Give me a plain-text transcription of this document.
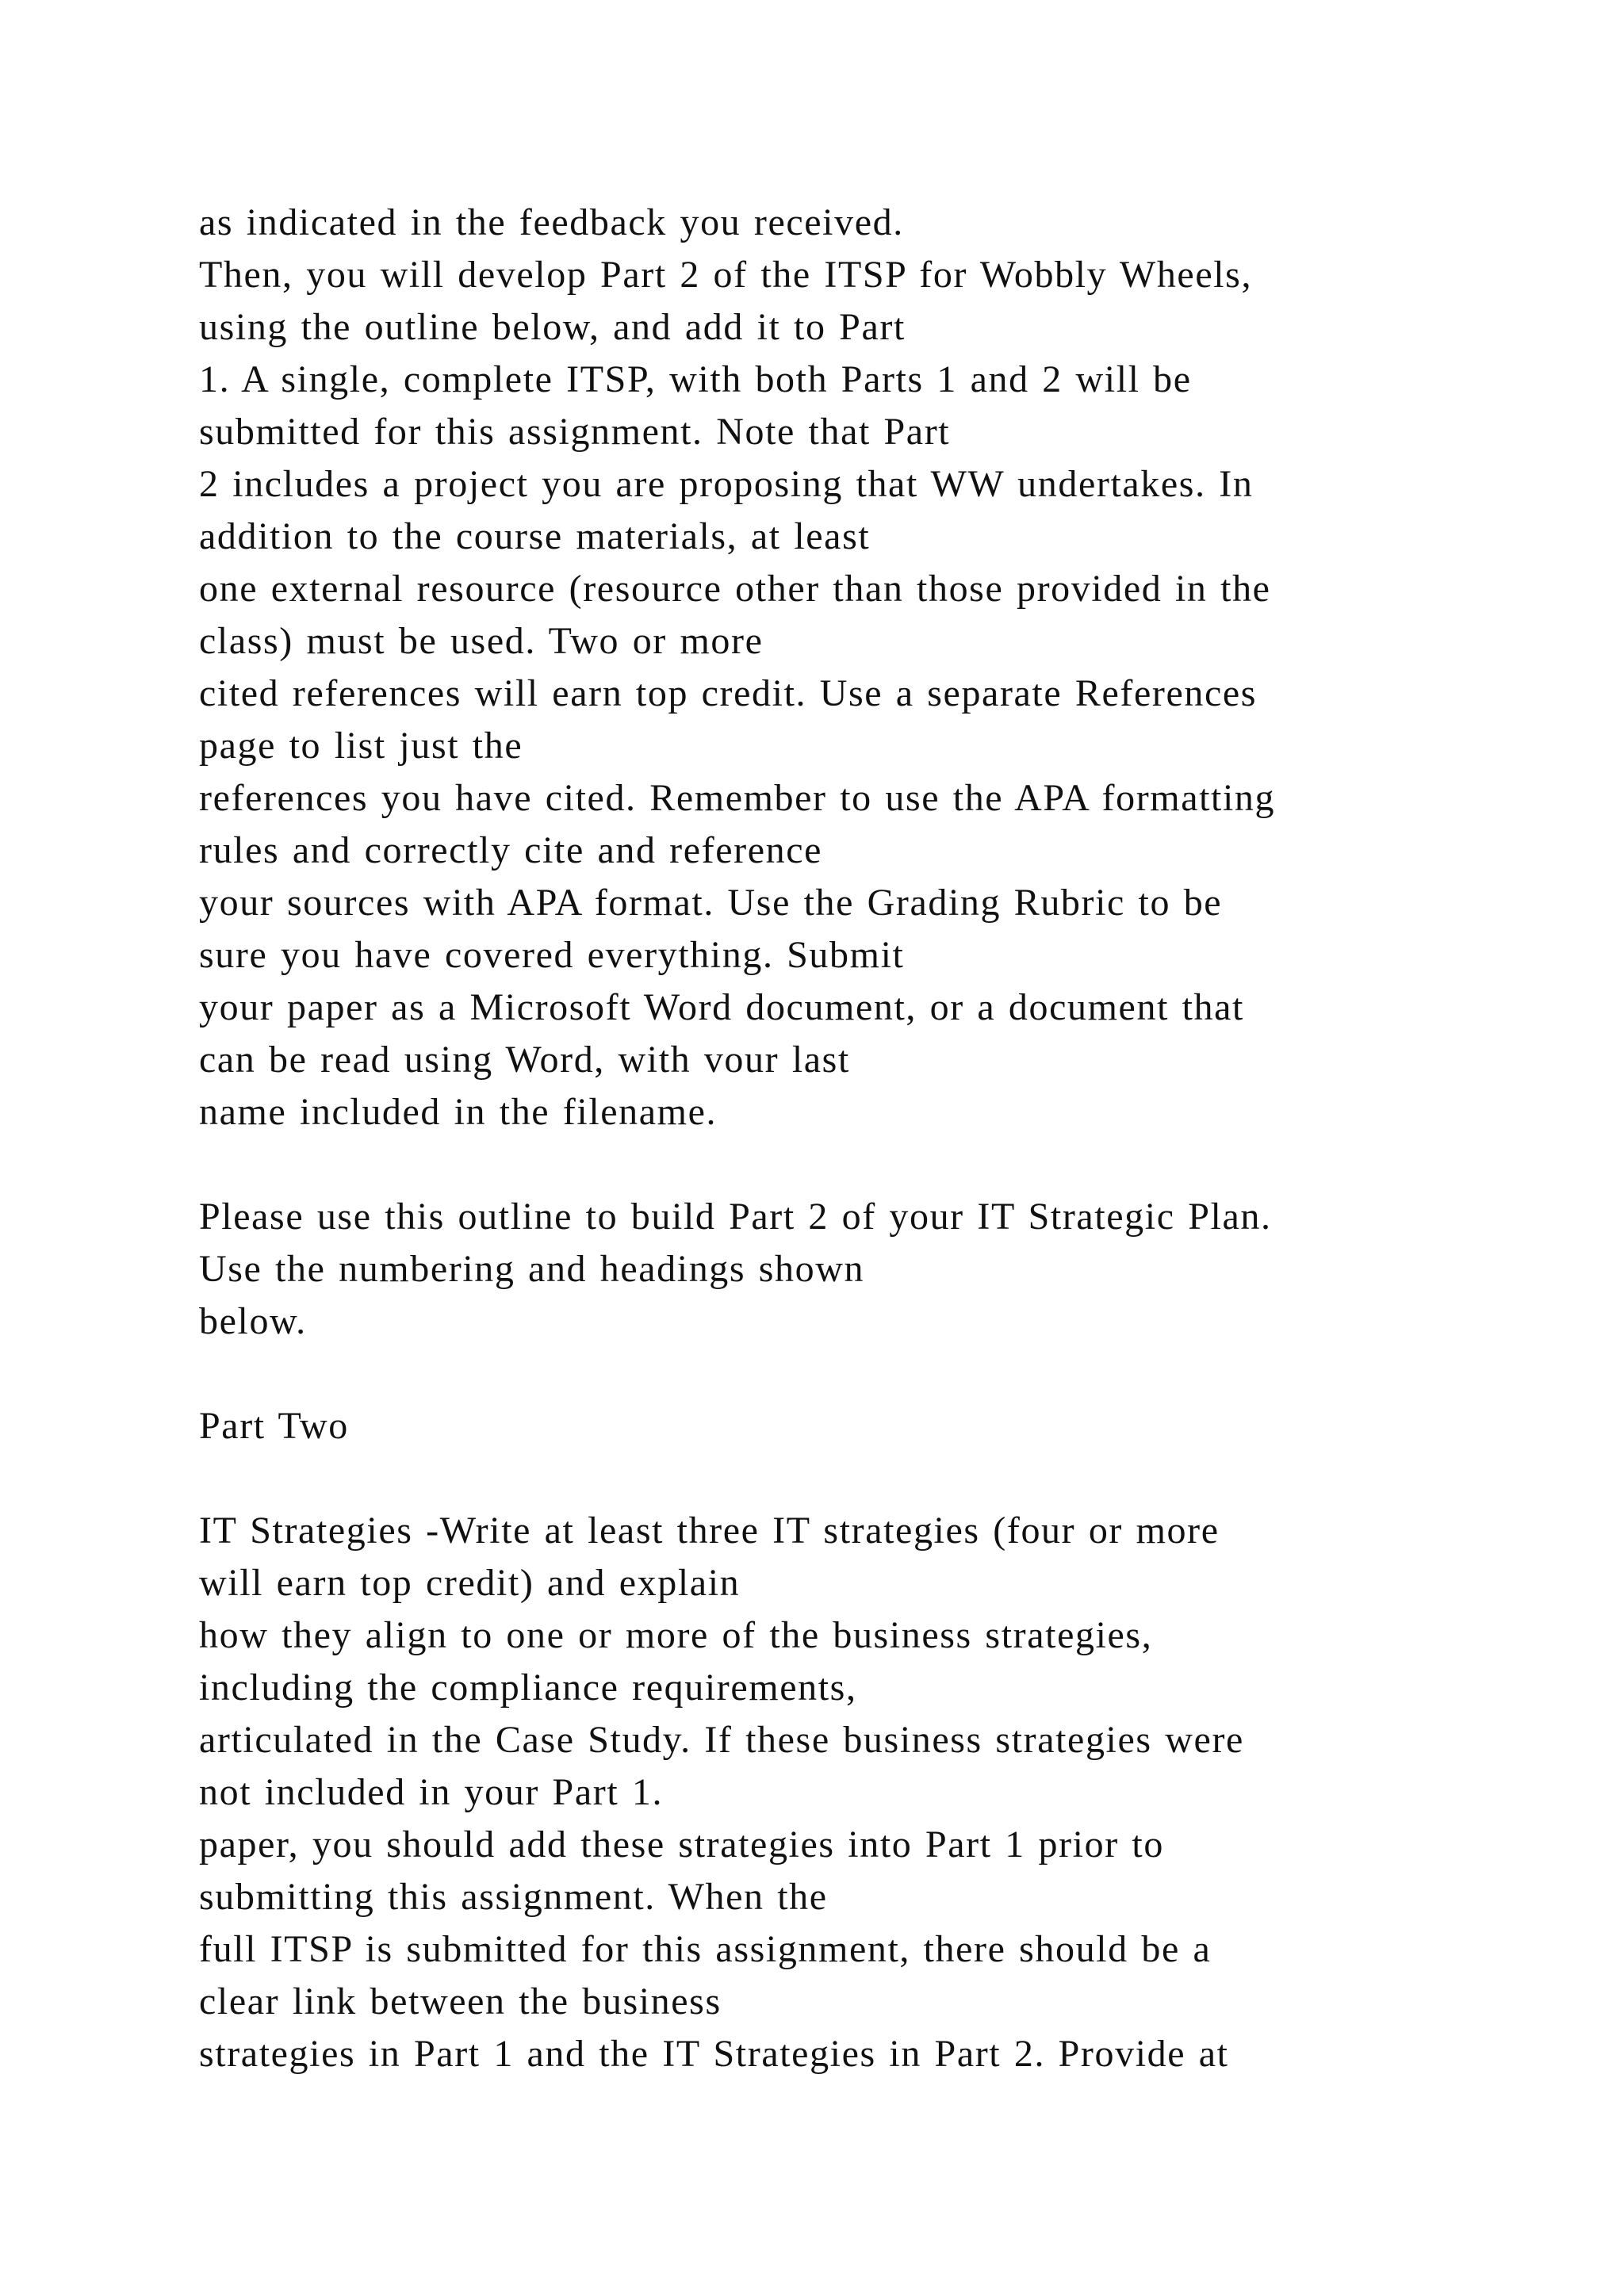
as indicated in the feedback you received.
Then, you will develop Part 2 of the ITSP for Wobbly Wheels,
using the outline below, and add it to Part
1. A single, complete ITSP, with both Parts 1 and 2 will be
submitted for this assignment. Note that Part
2 includes a project you are proposing that WW undertakes. In
addition to the course materials, at least
one external resource (resource other than those provided in the
class) must be used. Two or more
cited references will earn top credit. Use a separate References
page to list just the
references you have cited. Remember to use the APA formatting
rules and correctly cite and reference
your sources with APA format. Use the Grading Rubric to be
sure you have covered everything. Submit
your paper as a Microsoft Word document, or a document that
can be read using Word, with vour last
name included in the filename.
Please use this outline to build Part 2 of your IT Strategic Plan.
Use the numbering and headings shown
below.
Part Two
IT Strategies -Write at least three IT strategies (four or more
will earn top credit) and explain
how they align to one or more of the business strategies,
including the compliance requirements,
articulated in the Case Study. If these business strategies were
not included in your Part 1.
paper, you should add these strategies into Part 1 prior to
submitting this assignment. When the
full ITSP is submitted for this assignment, there should be a
clear link between the business
strategies in Part 1 and the IT Strategies in Part 2. Provide at
